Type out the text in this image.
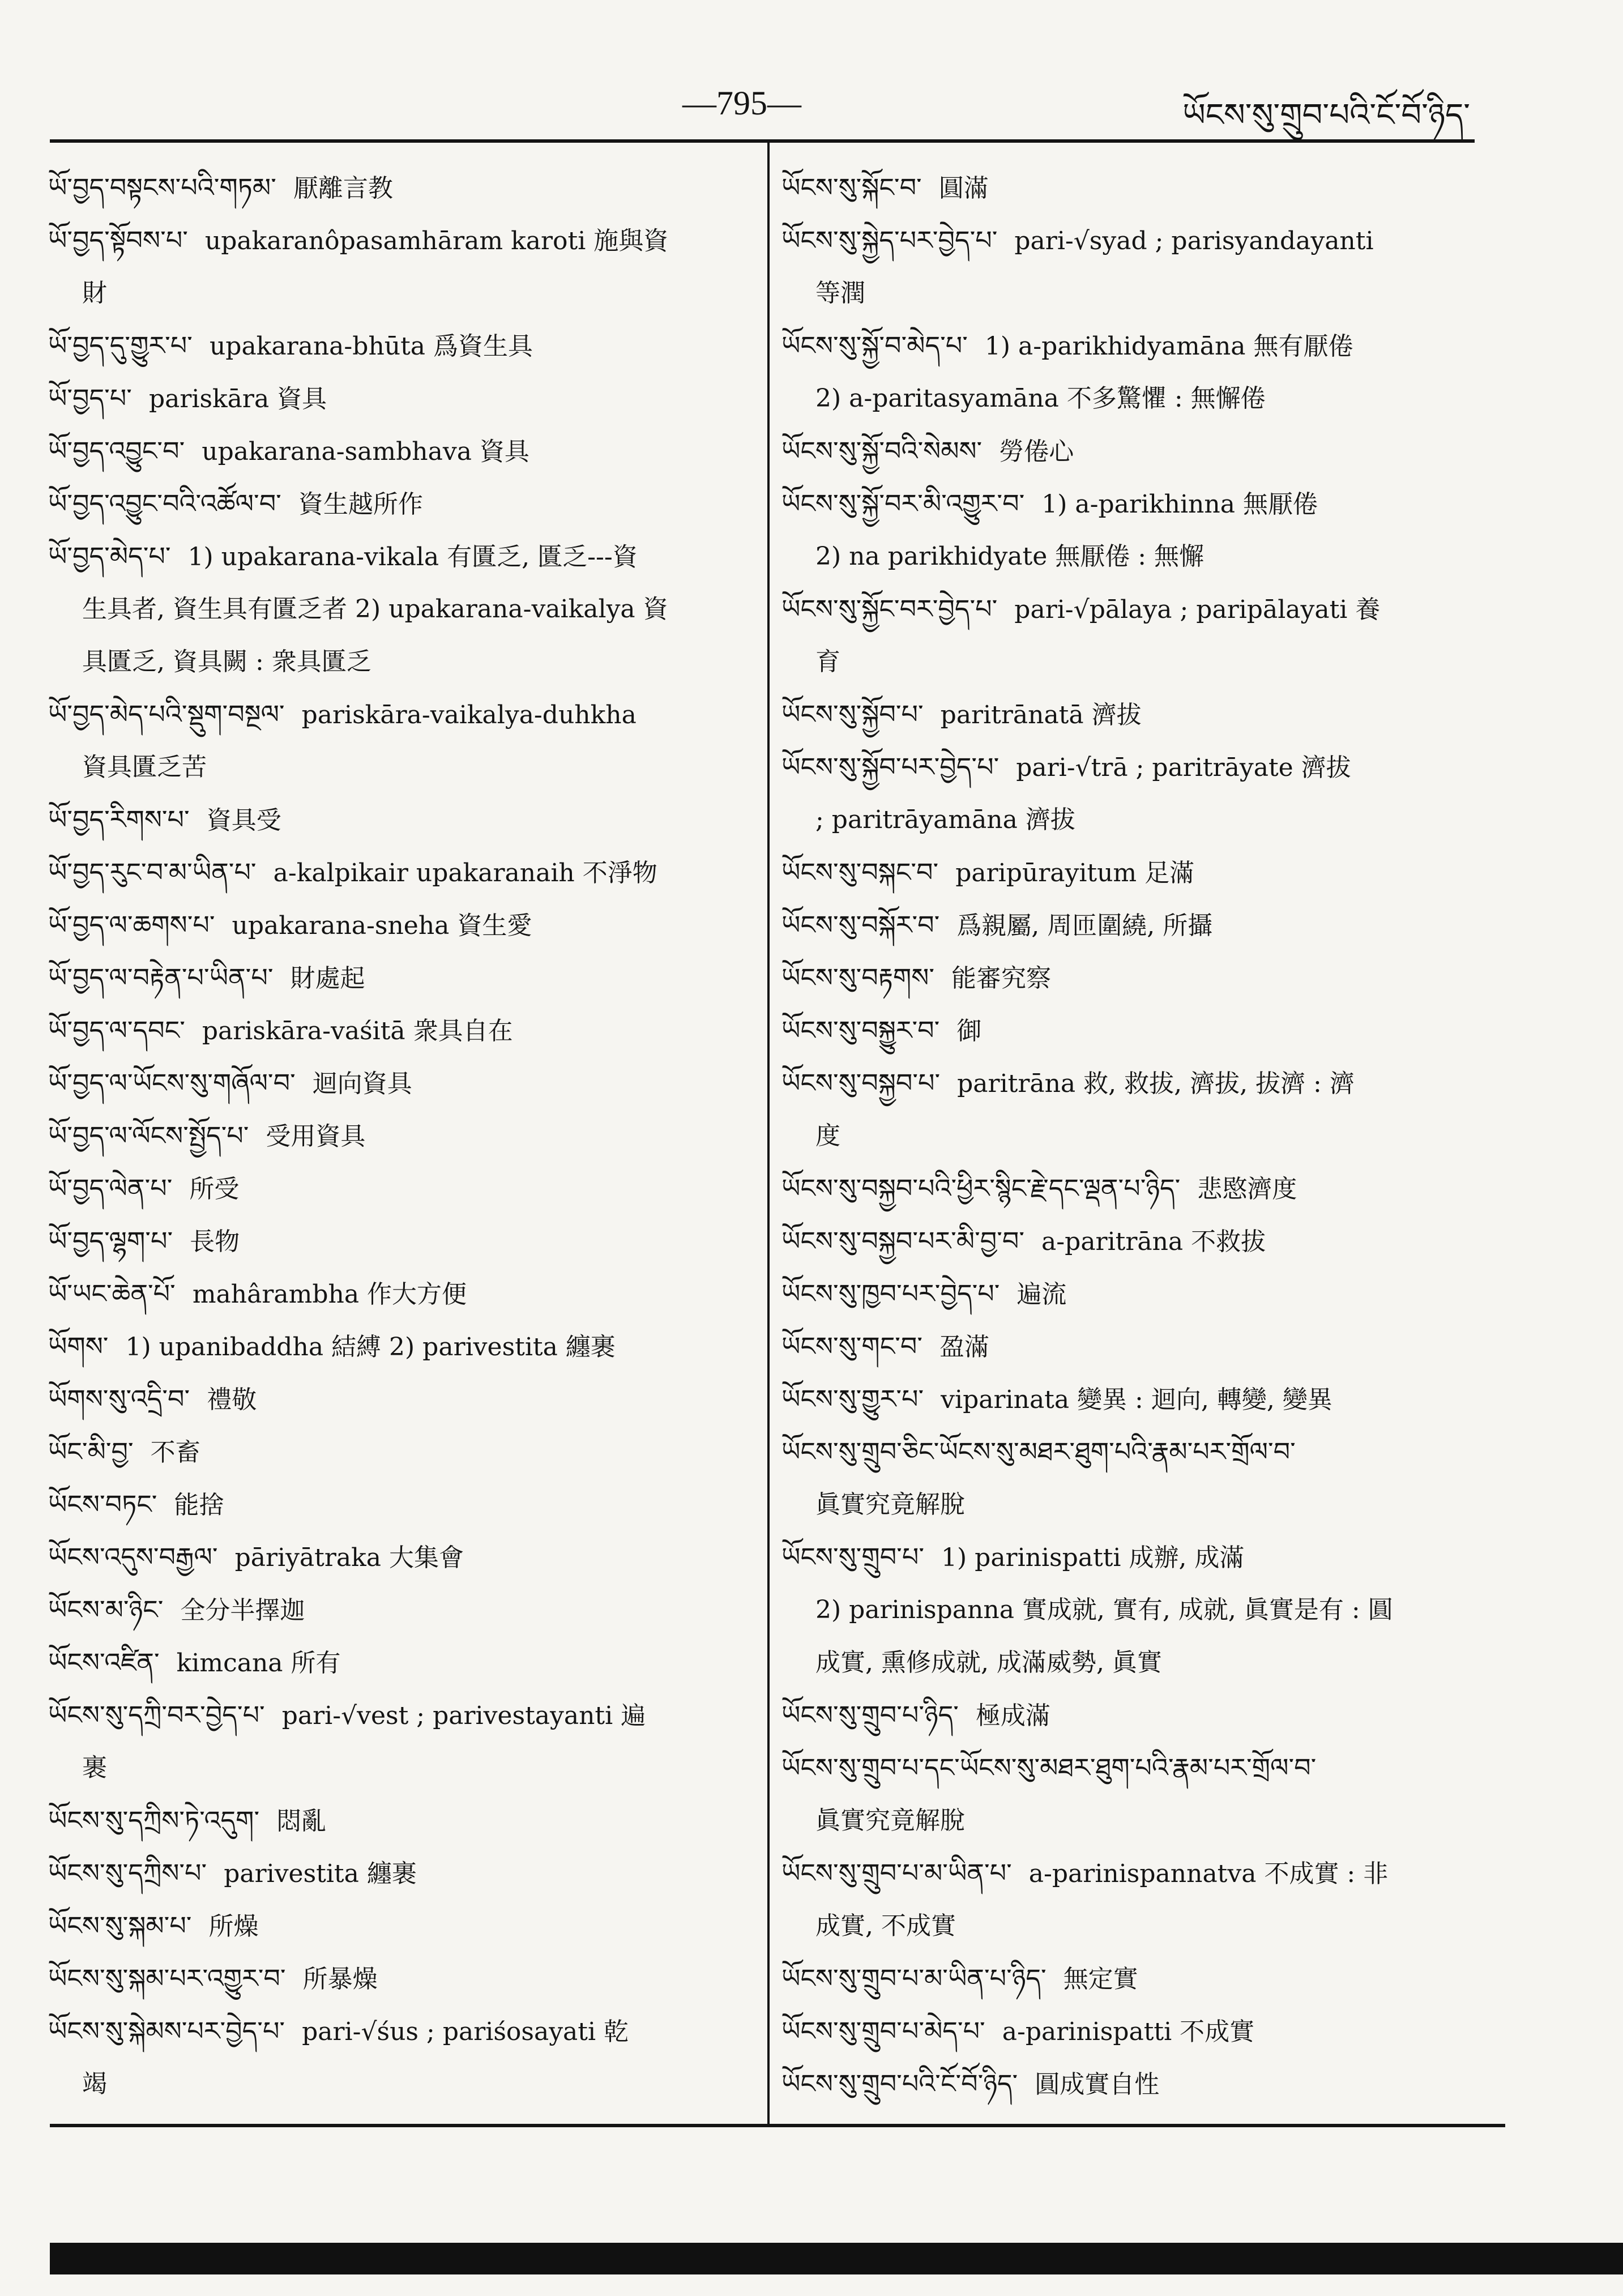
—795—	ཡོངས་སུ་གྲུབ་པའི་ངོ་བོ་ཉིད་
ཡོ་བྱད་བསྟངས་པའི་གཏམ་ 厭離言教
ཡོ་བྱད་སྟོབས་པ་ upakaranôpasamhāram karoti 施與資
財
ཡོ་བྱད་དུ་གྱུར་པ་ upakarana-bhūta 爲資生具
ཡོ་བྱད་པ་ pariskāra 資具
ཡོ་བྱད་འབྱུང་བ་ upakarana-sambhava 資具
ཡོ་བྱད་འབྱུང་བའི་འཚོལ་བ་ 資生越所作
ཡོ་བྱད་མེད་པ་ 1) upakarana-vikala 有匱乏, 匱乏---資
生具者, 資生具有匱乏者 2) upakarana-vaikalya 資
具匱乏, 資具闕 : 衆具匱乏
ཡོ་བྱད་མེད་པའི་སྡུག་བསྔལ་ pariskāra-vaikalya-duhkha
資具匱乏苦
ཡོ་བྱད་རིགས་པ་ 資具受
ཡོ་བྱད་རུང་བ་མ་ཡིན་པ་ a-kalpikair upakaranaih 不淨物
ཡོ་བྱད་ལ་ཆགས་པ་ upakarana-sneha 資生愛
ཡོ་བྱད་ལ་བརྟེན་པ་ཡིན་པ་ 財處起
ཡོ་བྱད་ལ་དབང་ pariskāra-vaśitā 衆具自在
ཡོ་བྱད་ལ་ཡོངས་སུ་གཞོལ་བ་ 迴向資具
ཡོ་བྱད་ལ་ལོངས་སྤྱོད་པ་ 受用資具
ཡོ་བྱད་ལེན་པ་ 所受
ཡོ་བྱད་ལྷག་པ་ 長物
ཡོ་ཡང་ཆེན་པོ་ mahârambha 作大方便
ཡོགས་ 1) upanibaddha 結縛 2) parivestita 纏裹
ཡོགས་སུ་འདྲི་བ་ 禮敬
ཡོང་མི་བྱ་ 不畜
ཡོངས་བཏང་ 能捨
ཡོངས་འདུས་བརྒྱལ་ pāriyātraka 大集會
ཡོངས་མ་ཉིང་ 全分半擇迦
ཡོངས་འཛིན་ kimcana 所有
ཡོངས་སུ་དཀྲི་བར་བྱེད་པ་ pari-√vest ; parivestayanti 遍
裹
ཡོངས་སུ་དཀྲིས་ཏེ་འདུག་ 悶亂
ཡོངས་སུ་དཀྲིས་པ་ parivestita 纏裹
ཡོངས་སུ་སྐམ་པ་ 所燥
ཡོངས་སུ་སྐམ་པར་འགྱུར་བ་ 所暴燥
ཡོངས་སུ་སྐེམས་པར་བྱེད་པ་ pari-√śus ; pariśosayati 乾
竭
ཡོངས་སུ་སྐོང་བ་ 圓滿
ཡོངས་སུ་སྐྱེད་པར་བྱེད་པ་ pari-√syad ; parisyandayanti
等潤
ཡོངས་སུ་སྐྱོ་བ་མེད་པ་ 1) a-parikhidyamāna 無有厭倦
2) a-paritasyamāna 不多驚懼 : 無懈倦
ཡོངས་སུ་སྐྱོ་བའི་སེམས་ 勞倦心
ཡོངས་སུ་སྐྱོ་བར་མི་འགྱུར་བ་ 1) a-parikhinna 無厭倦
2) na parikhidyate 無厭倦 : 無懈
ཡོངས་སུ་སྐྱོང་བར་བྱེད་པ་ pari-√pālaya ; paripālayati 養
育
ཡོངས་སུ་སྐྱོབ་པ་ paritrānatā 濟拔
ཡོངས་སུ་སྐྱོབ་པར་བྱེད་པ་ pari-√trā ; paritrāyate 濟拔
; paritrāyamāna 濟拔
ཡོངས་སུ་བསྐང་བ་ paripūrayitum 足滿
ཡོངས་སུ་བསྐོར་བ་ 爲親屬, 周匝圍繞, 所攝
ཡོངས་སུ་བརྟགས་ 能審究察
ཡོངས་སུ་བསྐྱུར་བ་ 御
ཡོངས་སུ་བསྐྱབ་པ་ paritrāna 救, 救拔, 濟拔, 拔濟 : 濟
度
ཡོངས་སུ་བསྐྱབ་པའི་ཕྱིར་སྙིང་རྗེ་དང་ལྡན་པ་ཉིད་ 悲愍濟度
ཡོངས་སུ་བསྐྱབ་པར་མི་བྱ་བ་ a-paritrāna 不救拔
ཡོངས་སུ་ཁྱབ་པར་བྱེད་པ་ 遍流
ཡོངས་སུ་གང་བ་ 盈滿
ཡོངས་སུ་གྱུར་པ་ viparinata 變異 : 迴向, 轉變, 變異
ཡོངས་སུ་གྲུབ་ཅིང་ཡོངས་སུ་མཐར་ཐུག་པའི་རྣམ་པར་གྲོལ་བ་
眞實究竟解脫
ཡོངས་སུ་གྲུབ་པ་ 1) parinispatti 成辦, 成滿
2) parinispanna 實成就, 實有, 成就, 眞實是有 : 圓
成實, 熏修成就, 成滿威勢, 眞實
ཡོངས་སུ་གྲུབ་པ་ཉིད་ 極成滿
ཡོངས་སུ་གྲུབ་པ་དང་ཡོངས་སུ་མཐར་ཐུག་པའི་རྣམ་པར་གྲོལ་བ་
眞實究竟解脫
ཡོངས་སུ་གྲུབ་པ་མ་ཡིན་པ་ a-parinispannatva 不成實 : 非
成實, 不成實
ཡོངས་སུ་གྲུབ་པ་མ་ཡིན་པ་ཉིད་ 無定實
ཡོངས་སུ་གྲུབ་པ་མེད་པ་ a-parinispatti 不成實
ཡོངས་སུ་གྲུབ་པའི་ངོ་བོ་ཉིད་ 圓成實自性
